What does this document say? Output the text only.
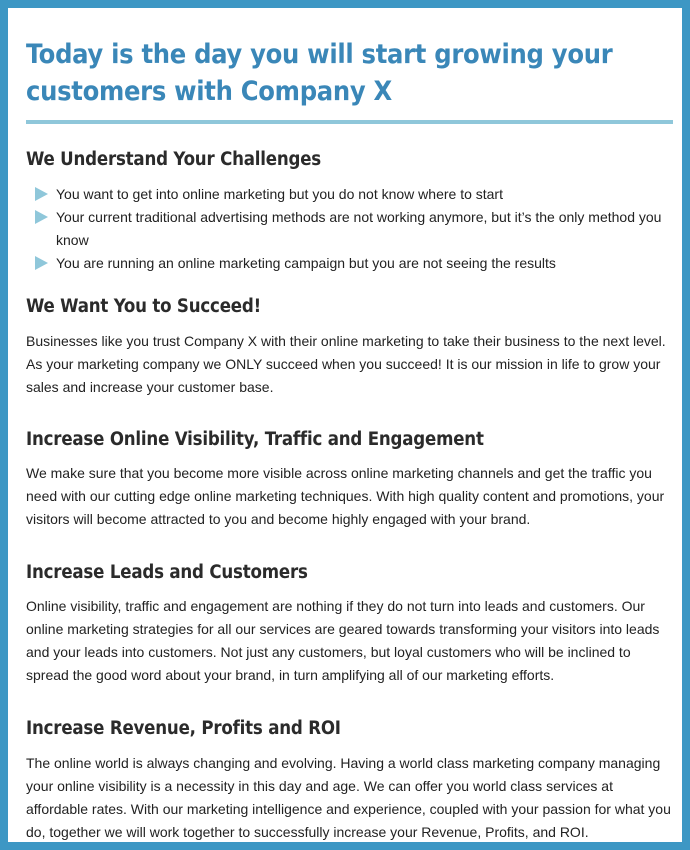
Today is the day you will start growing your customers with Company X
We Understand Your Challenges
You want to get into online marketing but you do not know where to start
Your current traditional advertising methods are not working anymore, but it’s the only method you know
You are running an online marketing campaign but you are not seeing the results
We Want You to Succeed!

Businesses like you trust Company X with their online marketing to take their business to the next level. As your marketing company we ONLY succeed when you succeed! It is our mission in life to grow your sales and increase your customer base.

Increase Online Visibility, Traffic and Engagement

We make sure that you become more visible across online marketing channels and get the traffic you need with our cutting edge online marketing techniques. With high quality content and promotions, your visitors will become attracted to you and become highly engaged with your brand.

Increase Leads and Customers

Online visibility, traffic and engagement are nothing if they do not turn into leads and customers. Our online marketing strategies for all our services are geared towards transforming your visitors into leads and your leads into customers. Not just any customers, but loyal customers who will be inclined to spread the good word about your brand, in turn amplifying all of our marketing efforts.

Increase Revenue, Profits and ROI

The online world is always changing and evolving. Having a world class marketing company managing your online visibility is a necessity in this day and age. We can offer you world class services at affordable rates. With our marketing intelligence and experience, coupled with your passion for what you do, together we will work together to successfully increase your Revenue, Profits, and ROI.
